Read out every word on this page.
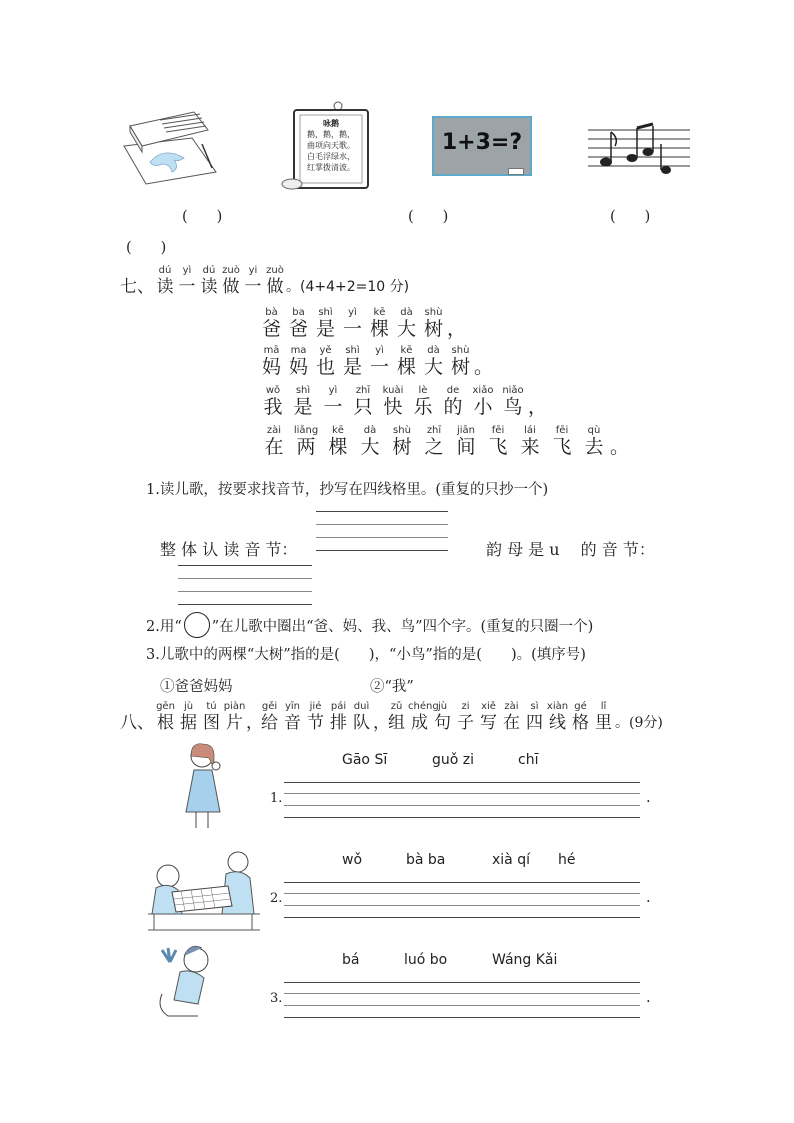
咏鹅
鹅，鹅，鹅，
曲项向天歌。
白毛浮绿水，
红掌拨清波。
1+3=?
(　　)	(　　)	(　　)
(　　)
七、
dú
读
yì
一
dú
读
zuò
做
yi
一
zuò
做 。(4+4+2=10 分)
bà
爸
ba
爸
shì
是
yì
一
kē
棵
dà
大
shù
树
，
mā
妈
ma
妈
yě
也
shì
是
yì
一
kē
棵
dà
大
shù
树
。
wǒ
我
shì
是
yì
一
zhī
只
kuài
快
lè
乐
de
的
xiǎo
小
niǎo
鸟
，
zài
在
liǎng
两
kē
棵
dà
大
shù
树
zhī
之
jiān
间
fēi
飞
lái
来
fēi
飞
qù
去
。
1.读儿歌，按要求找音节，抄写在四线格里。(重复的只抄一个)
整 体 认 读 音 节：	韵 母 是 u　 的 音 节：
2.用“ ”在儿歌中圈出“爸、妈、我、鸟”四个字。(重复的只圈一个)
3.儿歌中的两棵“大树”指的是(　　)，“小鸟”指的是(　　)。(填序号)
①爸爸妈妈	②“我”
八、
gēn
根
jù
据
tú
图
piàn
片
，
gěi
给
yīn
音
jié
节
pái
排
duì
队
，
zǔ
组
chéng
成
jù
句
zi
子
xiě
写
zài
在
sì
四
xiàn
线
gé
格
lǐ
里 。(9分)
Gāo Sī	guǒ zi	chī
1.	.
wǒ	bà ba	xià qí hé
2.	.
bá	luó bo	Wáng Kǎi
3.	.
